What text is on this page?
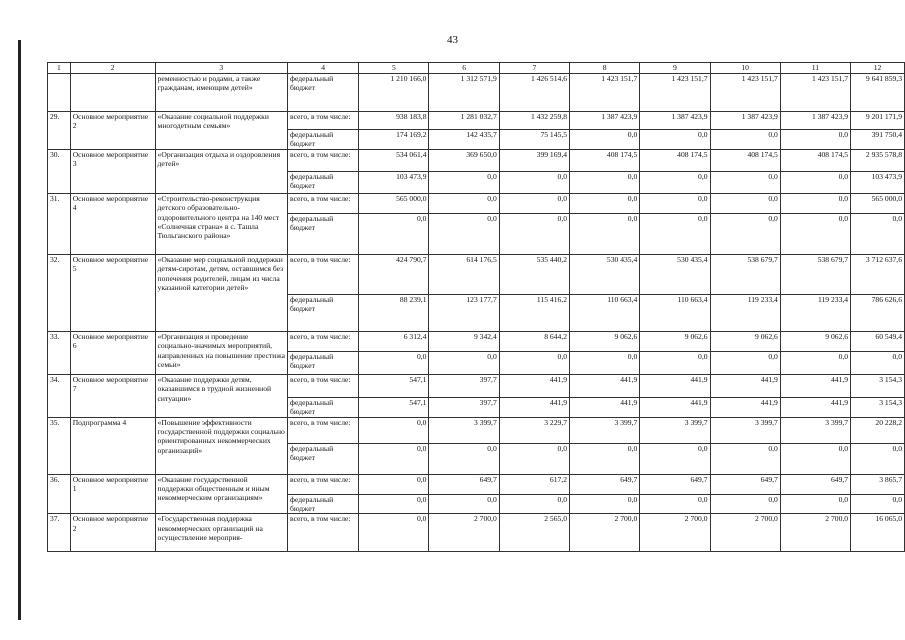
43
1	2	3	4	5	6	7	8	9	10	11	12
		ременностью и родами, а также гражданам, имеющим детей»	федеральный бюджет	1 210 166,0	1 312 571,9	1 426 514,6	1 423 151,7	1 423 151,7	1 423 151,7	1 423 151,7	9 641 859,3
29.	Основное мероприятие 2	«Оказание социальной поддержки многодетным семьям»	всего, в том числе:	938 183,8	1 281 032,7	1 432 259,8	1 387 423,9	1 387 423,9	1 387 423,9	1 387 423,9	9 201 171,9
			федеральный бюджет	174 169,2	142 435,7	75 145,5	0,0	0,0	0,0	0,0	391 750,4
30.	Основное мероприятие 3	«Организация отдыха и оздоровления детей»	всего, в том числе:	534 061,4	369 650,0	399 169,4	408 174,5	408 174,5	408 174,5	408 174,5	2 935 578,8
			федеральный бюджет	103 473,9	0,0	0,0	0,0	0,0	0,0	0,0	103 473,9
31.	Основное мероприятие 4	«Строительство-реконструкция детского образовательно-оздоровительного центра на 140 мест «Солнечная страна» в с. Ташла Тюльганского района»	всего, в том числе:	565 000,0	0,0	0,0	0,0	0,0	0,0	0,0	565 000,0
			федеральный бюджет	0,0	0,0	0,0	0,0	0,0	0,0	0,0	0,0
32.	Основное мероприятие 5	«Оказание мер социальной поддержки детям-сиротам, детям, оставшимся без попечения родителей, лицам из числа указанной категории детей»	всего, в том числе:	424 790,7	614 176,5	535 440,2	530 435,4	530 435,4	538 679,7	538 679,7	3 712 637,6
			федеральный бюджет	88 239,1	123 177,7	115 416,2	110 663,4	110 663,4	119 233,4	119 233,4	786 626,6
33.	Основное мероприятие 6	«Организация и проведение социально-значимых мероприятий, направленных на повышение престижа семьи»	всего, в том числе:	6 312,4	9 342,4	8 644,2	9 062,6	9 062,6	9 062,6	9 062,6	60 549,4
			федеральный бюджет	0,0	0,0	0,0	0,0	0,0	0,0	0,0	0,0
34.	Основное мероприятие 7	«Оказание поддержки детям, оказавшимся в трудной жизненной ситуации»	всего, в том числе:	547,1	397,7	441,9	441,9	441,9	441,9	441,9	3 154,3
			федеральный бюджет	547,1	397,7	441,9	441,9	441,9	441,9	441,9	3 154,3
35.	Подпрограмма 4	«Повышение эффективности государственной поддержки социально ориентированных некоммерческих организаций»	всего, в том числе:	0,0	3 399,7	3 229,7	3 399,7	3 399,7	3 399,7	3 399,7	20 228,2
			федеральный бюджет	0,0	0,0	0,0	0,0	0,0	0,0	0,0	0,0
36.	Основное мероприятие 1	«Оказание государственной поддержки общественным и иным некоммерческим организациям»	всего, в том числе:	0,0	649,7	617,2	649,7	649,7	649,7	649,7	3 865,7
			федеральный бюджет	0,0	0,0	0,0	0,0	0,0	0,0	0,0	0,0
37.	Основное мероприятие 2	«Государственная поддержка некоммерческих организаций на осуществление мероприя-	всего, в том числе:	0,0	2 700,0	2 565,0	2 700,0	2 700,0	2 700,0	2 700,0	16 065,0
